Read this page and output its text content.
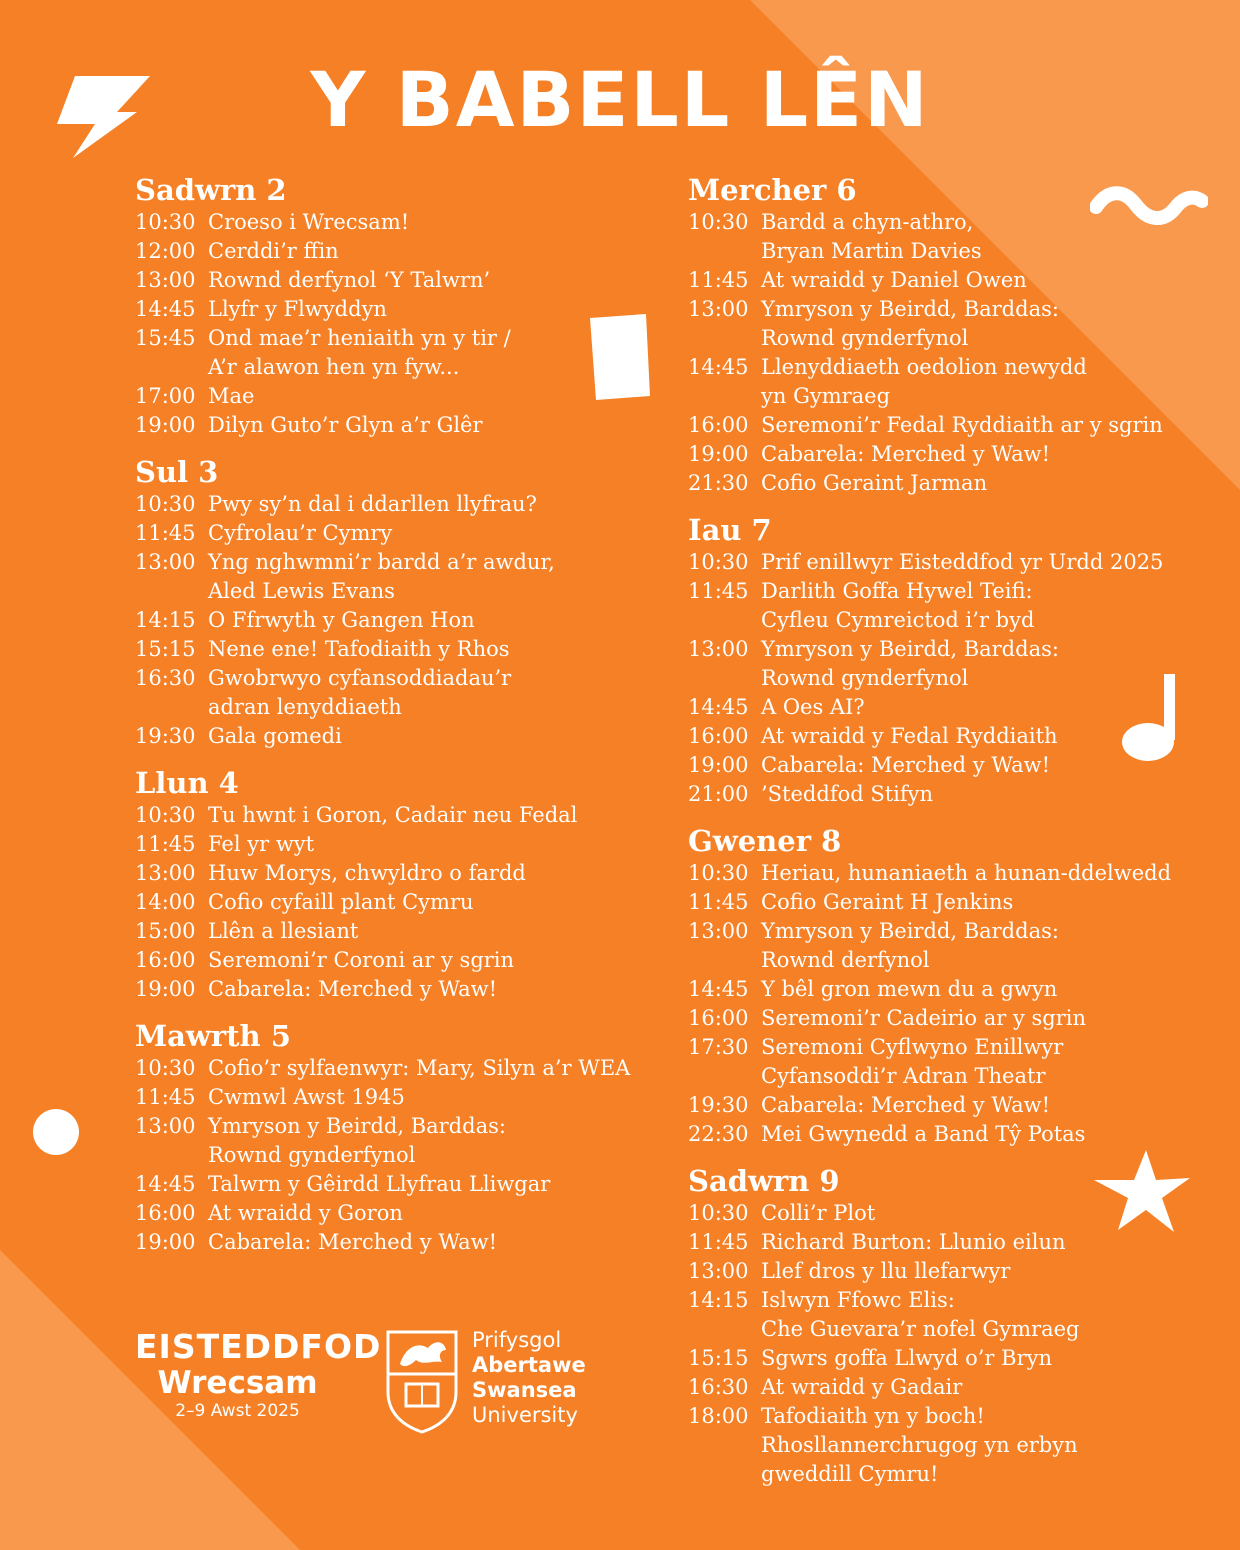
Y BABELL LÊN
Sadwrn 2
10:30 Croeso i Wrecsam!
12:00 Cerddi’r ffin
13:00 Rownd derfynol ‘Y Talwrn’
14:45 Llyfr y Flwyddyn
15:45 Ond mae’r heniaith yn y tir /
A’r alawon hen yn fyw...
17:00 Mae
19:00 Dilyn Guto’r Glyn a’r Glêr
Sul 3
10:30 Pwy sy’n dal i ddarllen llyfrau?
11:45 Cyfrolau’r Cymry
13:00 Yng nghwmni’r bardd a’r awdur,
Aled Lewis Evans
14:15 O Ffrwyth y Gangen Hon
15:15 Nene ene! Tafodiaith y Rhos
16:30 Gwobrwyo cyfansoddiadau’r
adran lenyddiaeth
19:30 Gala gomedi
Llun 4
10:30 Tu hwnt i Goron, Cadair neu Fedal
11:45 Fel yr wyt
13:00 Huw Morys, chwyldro o fardd
14:00 Cofio cyfaill plant Cymru
15:00 Llên a llesiant
16:00 Seremoni’r Coroni ar y sgrin
19:00 Cabarela: Merched y Waw!
Mawrth 5
10:30 Cofio’r sylfaenwyr: Mary, Silyn a’r WEA
11:45 Cwmwl Awst 1945
13:00 Ymryson y Beirdd, Barddas:
Rownd gynderfynol
14:45 Talwrn y Gêirdd Llyfrau Lliwgar
16:00 At wraidd y Goron
19:00 Cabarela: Merched y Waw!
Mercher 6
10:30 Bardd a chyn-athro,
Bryan Martin Davies
11:45 At wraidd y Daniel Owen
13:00 Ymryson y Beirdd, Barddas:
Rownd gynderfynol
14:45 Llenyddiaeth oedolion newydd
yn Gymraeg
16:00 Seremoni’r Fedal Ryddiaith ar y sgrin
19:00 Cabarela: Merched y Waw!
21:30 Cofio Geraint Jarman
Iau 7
10:30 Prif enillwyr Eisteddfod yr Urdd 2025
11:45 Darlith Goffa Hywel Teifi:
Cyfleu Cymreictod i’r byd
13:00 Ymryson y Beirdd, Barddas:
Rownd gynderfynol
14:45 A Oes AI?
16:00 At wraidd y Fedal Ryddiaith
19:00 Cabarela: Merched y Waw!
21:00 ’Steddfod Stifyn
Gwener 8
10:30 Heriau, hunaniaeth a hunan-ddelwedd
11:45 Cofio Geraint H Jenkins
13:00 Ymryson y Beirdd, Barddas:
Rownd derfynol
14:45 Y bêl gron mewn du a gwyn
16:00 Seremoni’r Cadeirio ar y sgrin
17:30 Seremoni Cyflwyno Enillwyr
Cyfansoddi’r Adran Theatr
19:30 Cabarela: Merched y Waw!
22:30 Mei Gwynedd a Band Tŷ Potas
Sadwrn 9
10:30 Colli’r Plot
11:45 Richard Burton: Llunio eilun
13:00 Llef dros y llu llefarwyr
14:15 Islwyn Ffowc Elis:
Che Guevara’r nofel Gymraeg
15:15 Sgwrs goffa Llwyd o’r Bryn
16:30 At wraidd y Gadair
18:00 Tafodiaith yn y boch!
Rhosllannerchrugog yn erbyn
gweddill Cymru!
EISTEDDFOD
Wrecsam
2–9 Awst 2025
Prifysgol
Abertawe
Swansea
University
